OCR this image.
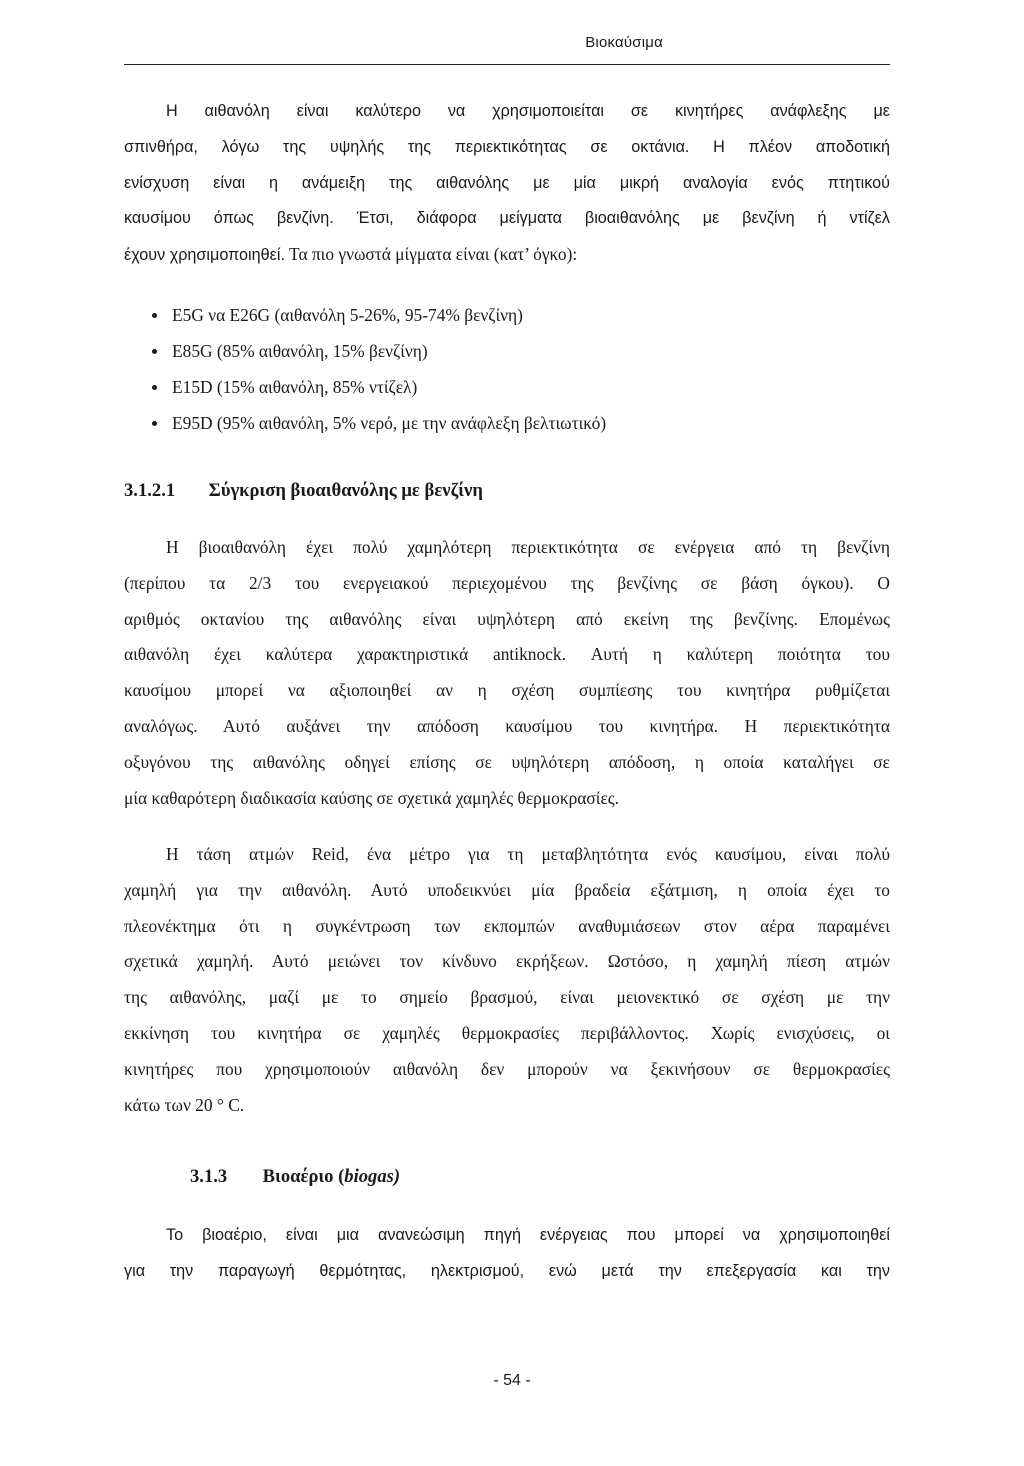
Βιοκαύσιμα
Η αιθανόλη είναι καλύτερο να χρησιμοποιείται σε κινητήρες ανάφλεξης με
σπινθήρα, λόγω της υψηλής της περιεκτικότητας σε οκτάνια. Η πλέον αποδοτική
ενίσχυση είναι η ανάμειξη της αιθανόλης με μία μικρή αναλογία ενός πτητικού
καυσίμου όπως βενζίνη. Έτσι, διάφορα μείγματα βιοαιθανόλης με βενζίνη ή ντίζελ
έχουν χρησιμοποιηθεί. Τα πιο γνωστά μίγματα είναι (κατ’ όγκο):
E5G να E26G (αιθανόλη 5-26%, 95-74% βενζίνη)
E85G (85% αιθανόλη, 15% βενζίνη)
E15D (15% αιθανόλη, 85% ντίζελ)
E95D (95% αιθανόλη, 5% νερό, με την ανάφλεξη βελτιωτικό)
3.1.2.1 Σύγκριση βιοαιθανόλης με βενζίνη
Η βιοαιθανόλη έχει πολύ χαμηλότερη περιεκτικότητα σε ενέργεια από τη βενζίνη
(περίπου τα 2/3 του ενεργειακού περιεχομένου της βενζίνης σε βάση όγκου). Ο
αριθμός οκτανίου της αιθανόλης είναι υψηλότερη από εκείνη της βενζίνης. Επομένως
αιθανόλη έχει καλύτερα χαρακτηριστικά antiknock. Αυτή η καλύτερη ποιότητα του
καυσίμου μπορεί να αξιοποιηθεί αν η σχέση συμπίεσης του κινητήρα ρυθμίζεται
αναλόγως. Αυτό αυξάνει την απόδοση καυσίμου του κινητήρα. Η περιεκτικότητα
οξυγόνου της αιθανόλης οδηγεί επίσης σε υψηλότερη απόδοση, η οποία καταλήγει σε
μία καθαρότερη διαδικασία καύσης σε σχετικά χαμηλές θερμοκρασίες.
Η τάση ατμών Reid, ένα μέτρο για τη μεταβλητότητα ενός καυσίμου, είναι πολύ
χαμηλή για την αιθανόλη. Αυτό υποδεικνύει μία βραδεία εξάτμιση, η οποία έχει το
πλεονέκτημα ότι η συγκέντρωση των εκπομπών αναθυμιάσεων στον αέρα παραμένει
σχετικά χαμηλή. Αυτό μειώνει τον κίνδυνο εκρήξεων. Ωστόσο, η χαμηλή πίεση ατμών
της αιθανόλης, μαζί με το σημείο βρασμού, είναι μειονεκτικό σε σχέση με την
εκκίνηση του κινητήρα σε χαμηλές θερμοκρασίες περιβάλλοντος. Χωρίς ενισχύσεις, οι
κινητήρες που χρησιμοποιούν αιθανόλη δεν μπορούν να ξεκινήσουν σε θερμοκρασίες
κάτω των 20 ° C.
3.1.3 Βιοαέριο (biogas)
Το βιοαέριο, είναι μια ανανεώσιμη πηγή ενέργειας που μπορεί να χρησιμοποιηθεί
για την παραγωγή θερμότητας, ηλεκτρισμού, ενώ μετά την επεξεργασία και την
- 54 -
